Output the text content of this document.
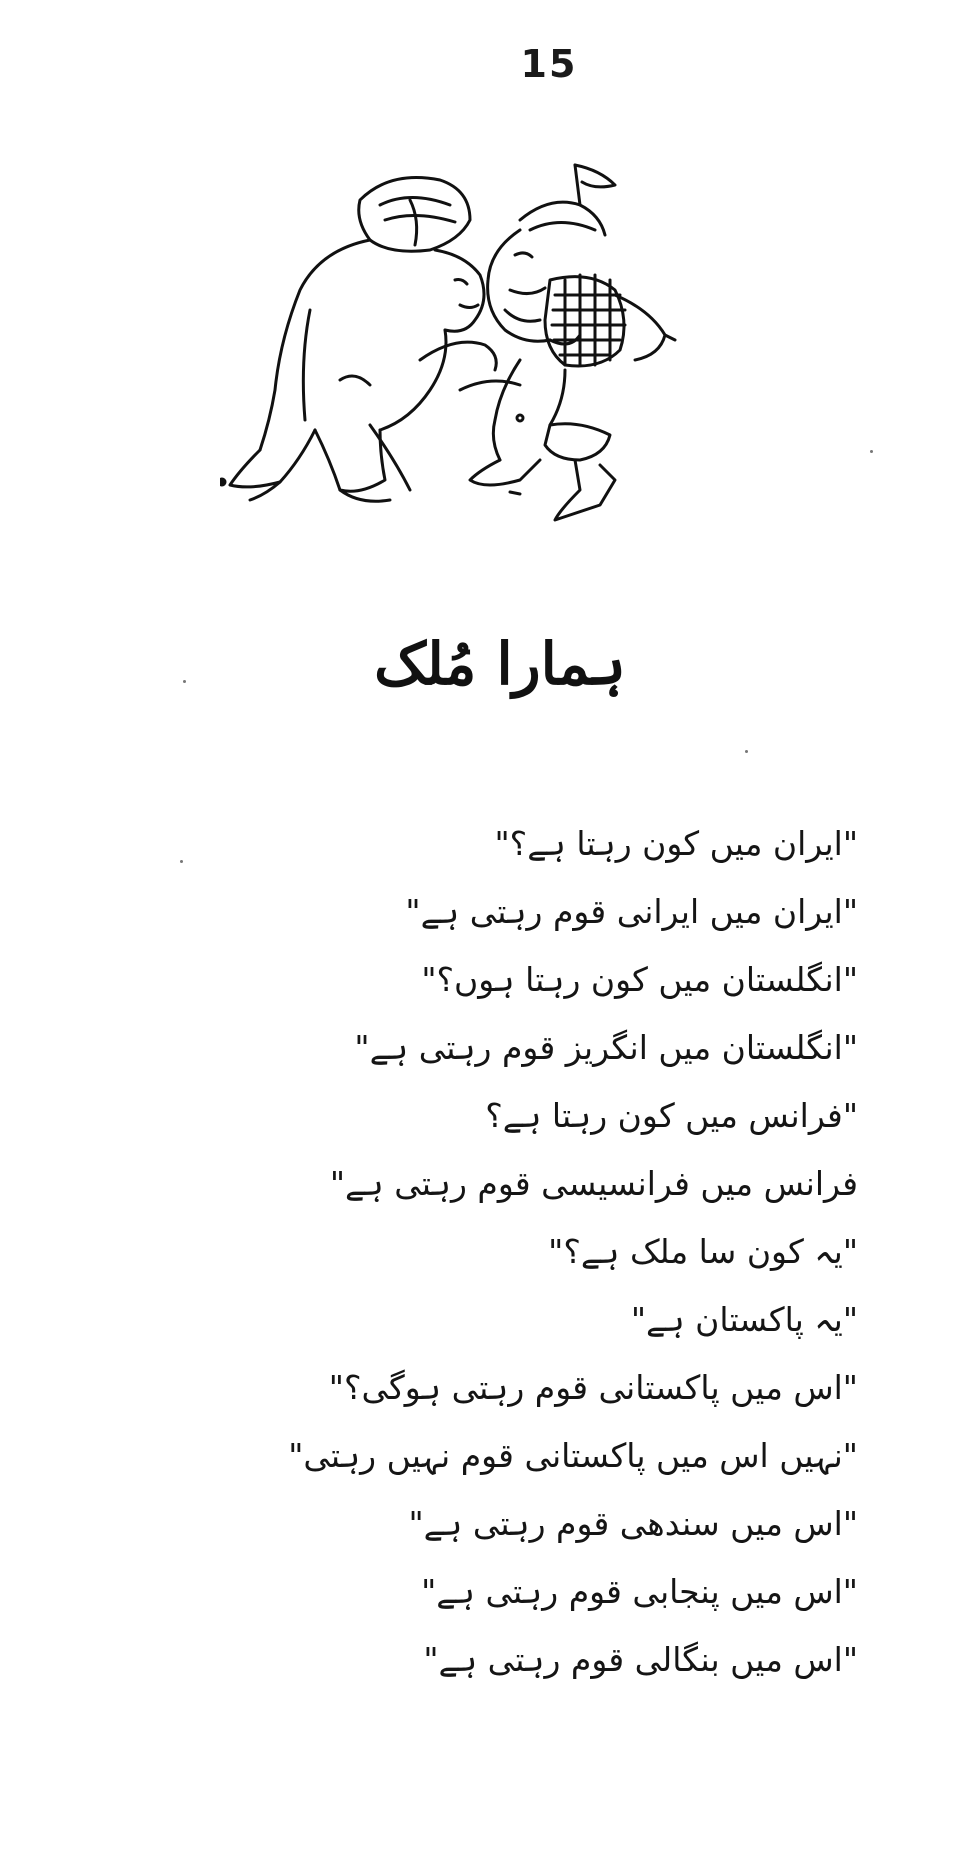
15
ہمارا مُلک
"ایران میں کون رہتا ہے؟"
"ایران میں ایرانی قوم رہتی ہے"
"انگلستان میں کون رہتا ہوں؟"
"انگلستان میں انگریز قوم رہتی ہے"
"فرانس میں کون رہتا ہے؟
فرانس میں فرانسیسی قوم رہتی ہے"
"یہ کون سا ملک ہے؟"
"یہ پاکستان ہے"
"اس میں پاکستانی قوم رہتی ہوگی؟"
"نہیں اس میں پاکستانی قوم نہیں رہتی"
"اس میں سندھی قوم رہتی ہے"
"اس میں پنجابی قوم رہتی ہے"
"اس میں بنگالی قوم رہتی ہے"
